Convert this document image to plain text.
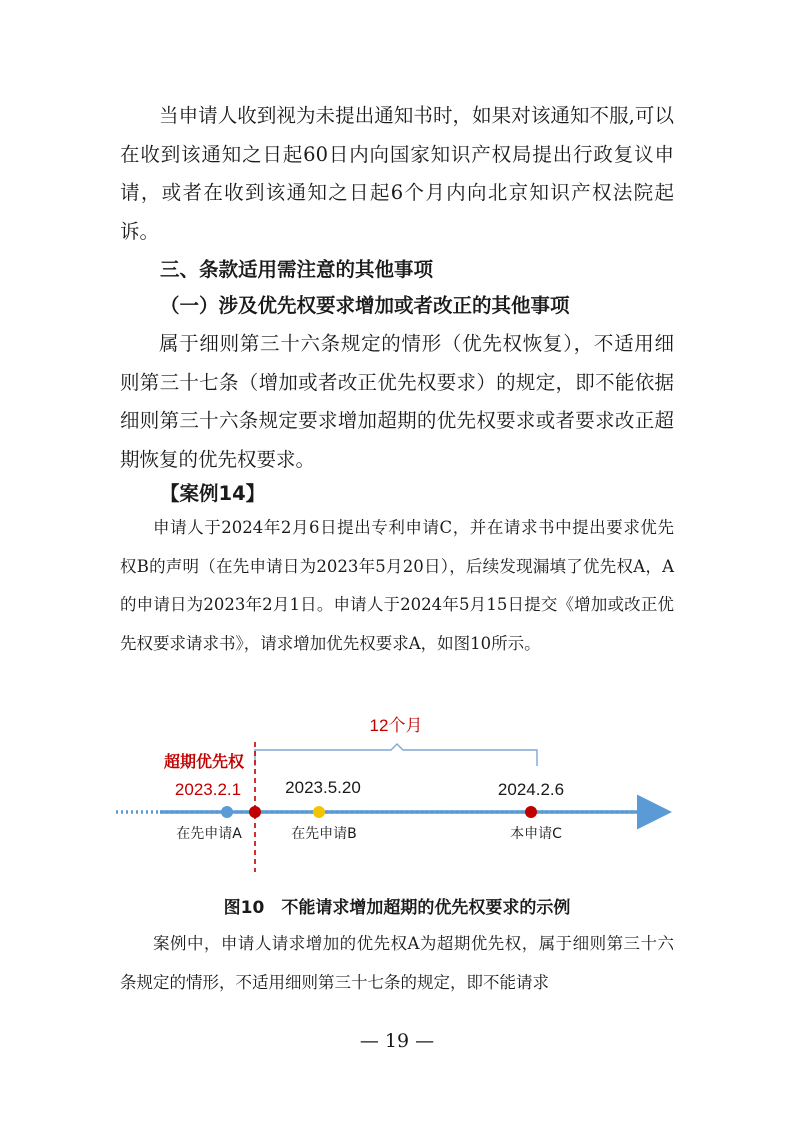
当申请人收到视为未提出通知书时，如果对该通知不服,可以在收到该通知之日起60日内向国家知识产权局提出行政复议申请，或者在收到该通知之日起6个月内向北京知识产权法院起诉。

三、条款适用需注意的其他事项

（一）涉及优先权要求增加或者改正的其他事项

属于细则第三十六条规定的情形（优先权恢复），不适用细则第三十七条（增加或者改正优先权要求）的规定，即不能依据细则第三十六条规定要求增加超期的优先权要求或者要求改正超期恢复的优先权要求。

【案例14】

申请人于2024年2月6日提出专利申请C，并在请求书中提出要求优先权B的声明（在先申请日为2023年5月20日），后续发现漏填了优先权A，A的申请日为2023年2月1日。申请人于2024年5月15日提交《增加或改正优先权要求请求书》，请求增加优先权要求A，如图10所示。

12个月
超期优先权
2023.2.1	2023.5.20	2024.2.6
在先申请A	在先申请B	本申请C

图10　不能请求增加超期的优先权要求的示例

案例中，申请人请求增加的优先权A为超期优先权，属于细则第三十六条规定的情形，不适用细则第三十七条的规定，即不能请求

— 19 —
